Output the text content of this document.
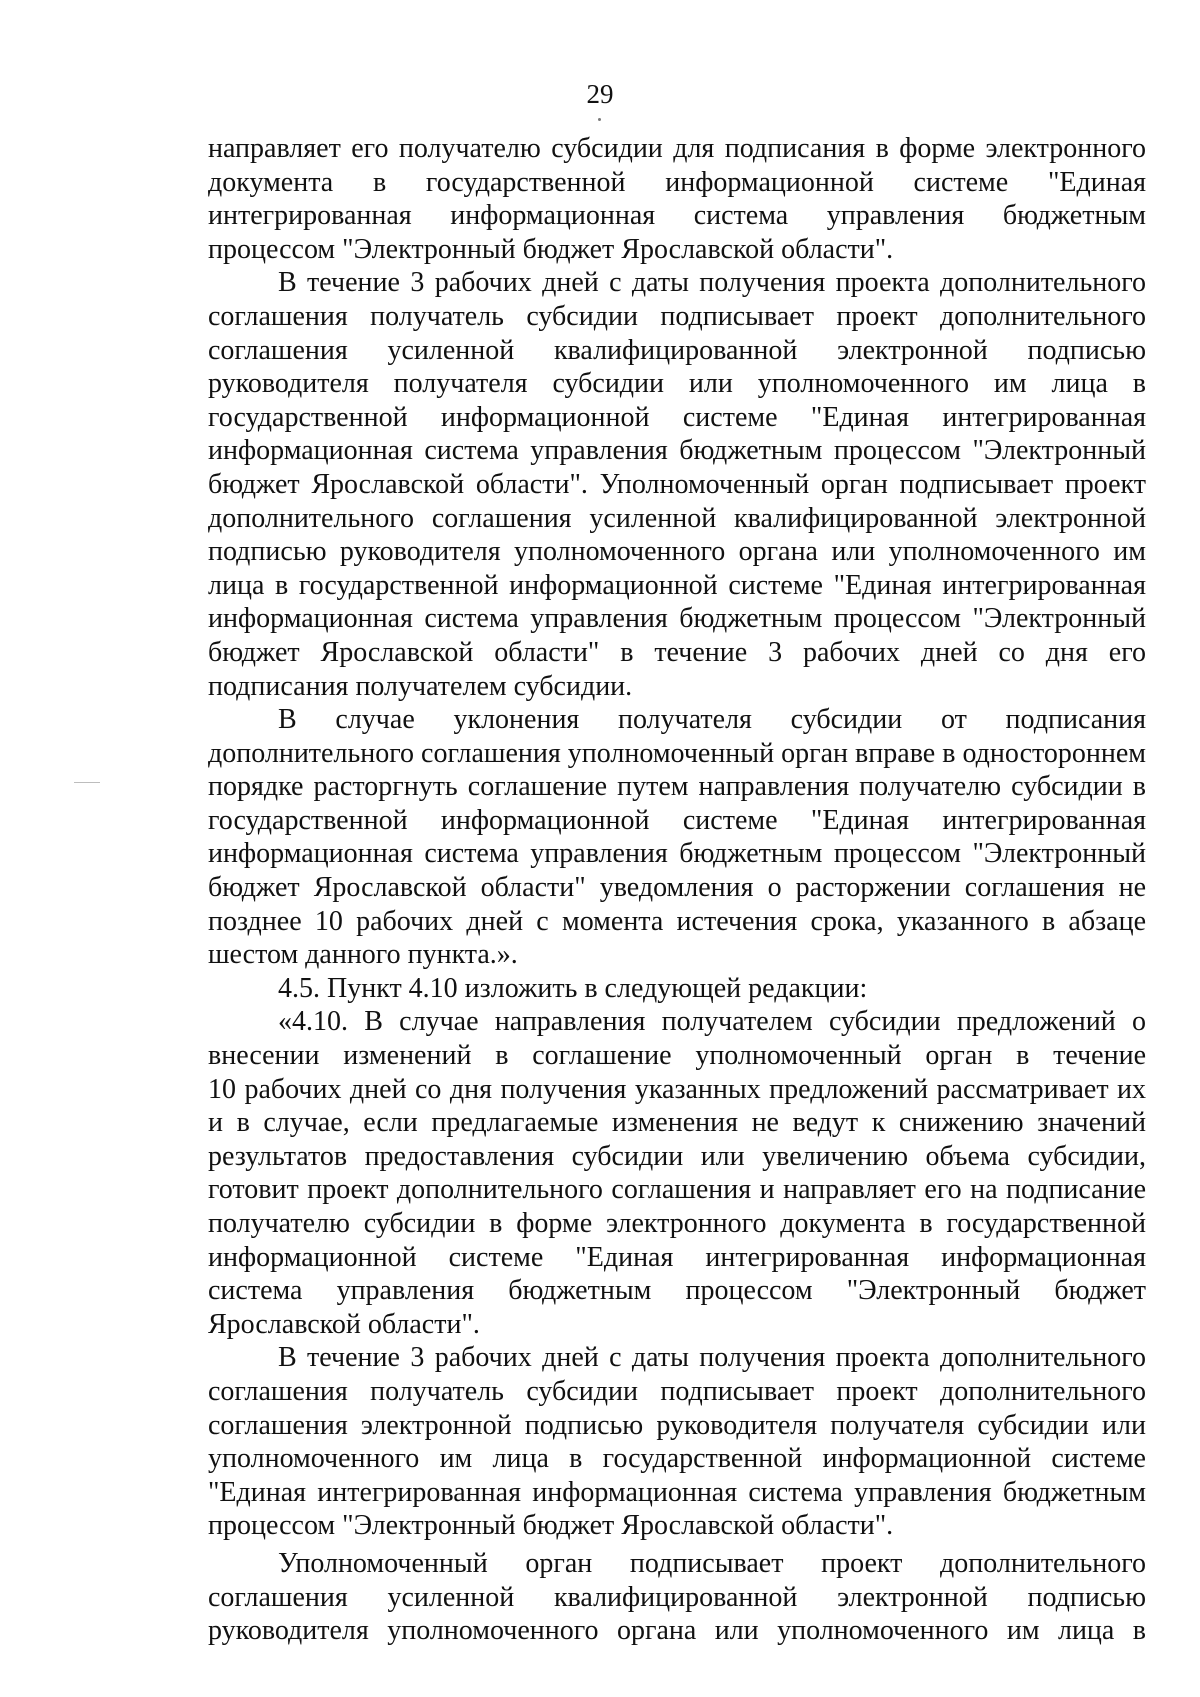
29
направляет его получателю субсидии для подписания в форме электронного
документа в государственной информационной системе "Единая
интегрированная информационная система управления бюджетным
процессом "Электронный бюджет Ярославской области".
В течение 3 рабочих дней с даты получения проекта дополнительного
соглашения получатель субсидии подписывает проект дополнительного
соглашения усиленной квалифицированной электронной подписью
руководителя получателя субсидии или уполномоченного им лица в
государственной информационной системе "Единая интегрированная
информационная система управления бюджетным процессом "Электронный
бюджет Ярославской области". Уполномоченный орган подписывает проект
дополнительного соглашения усиленной квалифицированной электронной
подписью руководителя уполномоченного органа или уполномоченного им
лица в государственной информационной системе "Единая интегрированная
информационная система управления бюджетным процессом "Электронный
бюджет Ярославской области" в течение 3 рабочих дней со дня его
подписания получателем субсидии.
В случае уклонения получателя субсидии от подписания
дополнительного соглашения уполномоченный орган вправе в одностороннем
порядке расторгнуть соглашение путем направления получателю субсидии в
государственной информационной системе "Единая интегрированная
информационная система управления бюджетным процессом "Электронный
бюджет Ярославской области" уведомления о расторжении соглашения не
позднее 10 рабочих дней с момента истечения срока, указанного в абзаце
шестом данного пункта.».
4.5. Пункт 4.10 изложить в следующей редакции:
«4.10. В случае направления получателем субсидии предложений о
внесении изменений в соглашение уполномоченный орган в течение
10 рабочих дней со дня получения указанных предложений рассматривает их
и в случае, если предлагаемые изменения не ведут к снижению значений
результатов предоставления субсидии или увеличению объема субсидии,
готовит проект дополнительного соглашения и направляет его на подписание
получателю субсидии в форме электронного документа в государственной
информационной системе "Единая интегрированная информационная
система управления бюджетным процессом "Электронный бюджет
Ярославской области".
В течение 3 рабочих дней с даты получения проекта дополнительного
соглашения получатель субсидии подписывает проект дополнительного
соглашения электронной подписью руководителя получателя субсидии или
уполномоченного им лица в государственной информационной системе
"Единая интегрированная информационная система управления бюджетным
процессом "Электронный бюджет Ярославской области".
Уполномоченный орган подписывает проект дополнительного
соглашения усиленной квалифицированной электронной подписью
руководителя уполномоченного органа или уполномоченного им лица в
